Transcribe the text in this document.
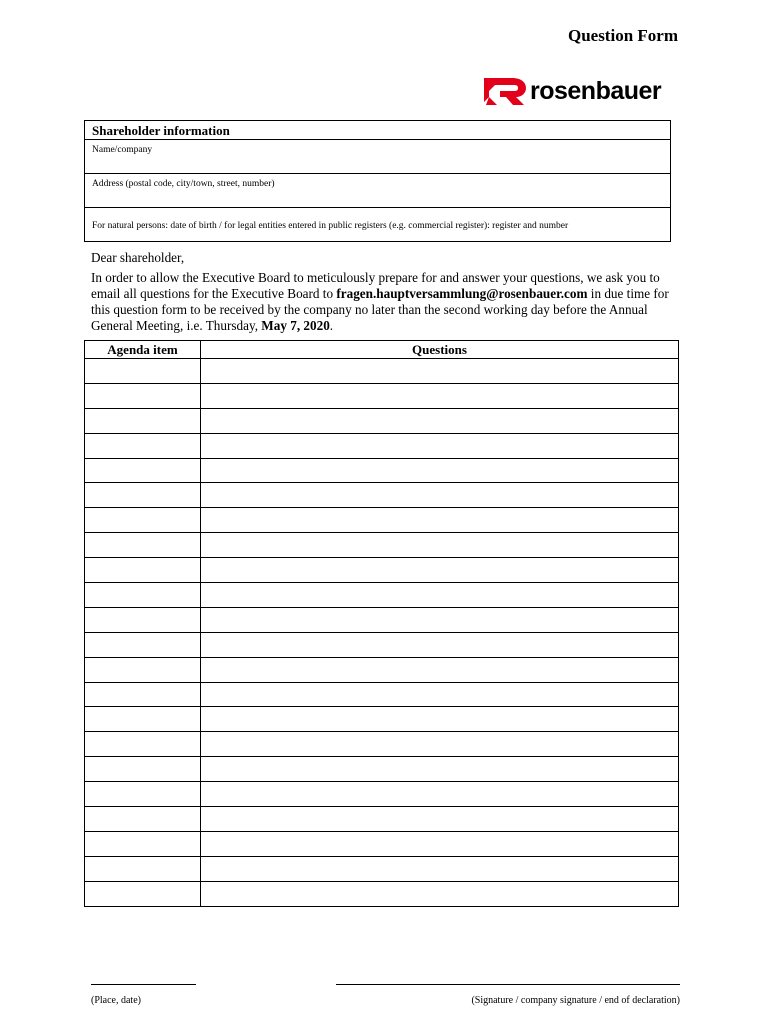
Question Form
rosenbauer
Shareholder information
Name/company
Address (postal code, city/town, street, number)
For natural persons: date of birth / for legal entities entered in public registers (e.g. commercial register): register and number

Dear shareholder,

In order to allow the Executive Board to meticulously prepare for and answer your questions, we ask you to email all questions for the Executive Board to fragen.hauptversammlung@rosenbauer.com in due time for this question form to be received by the company no later than the second working day before the Annual General Meeting, i.e. Thursday, May 7, 2020.

Agenda item	Questions

(Place, date)	(Signature / company signature / end of declaration)
